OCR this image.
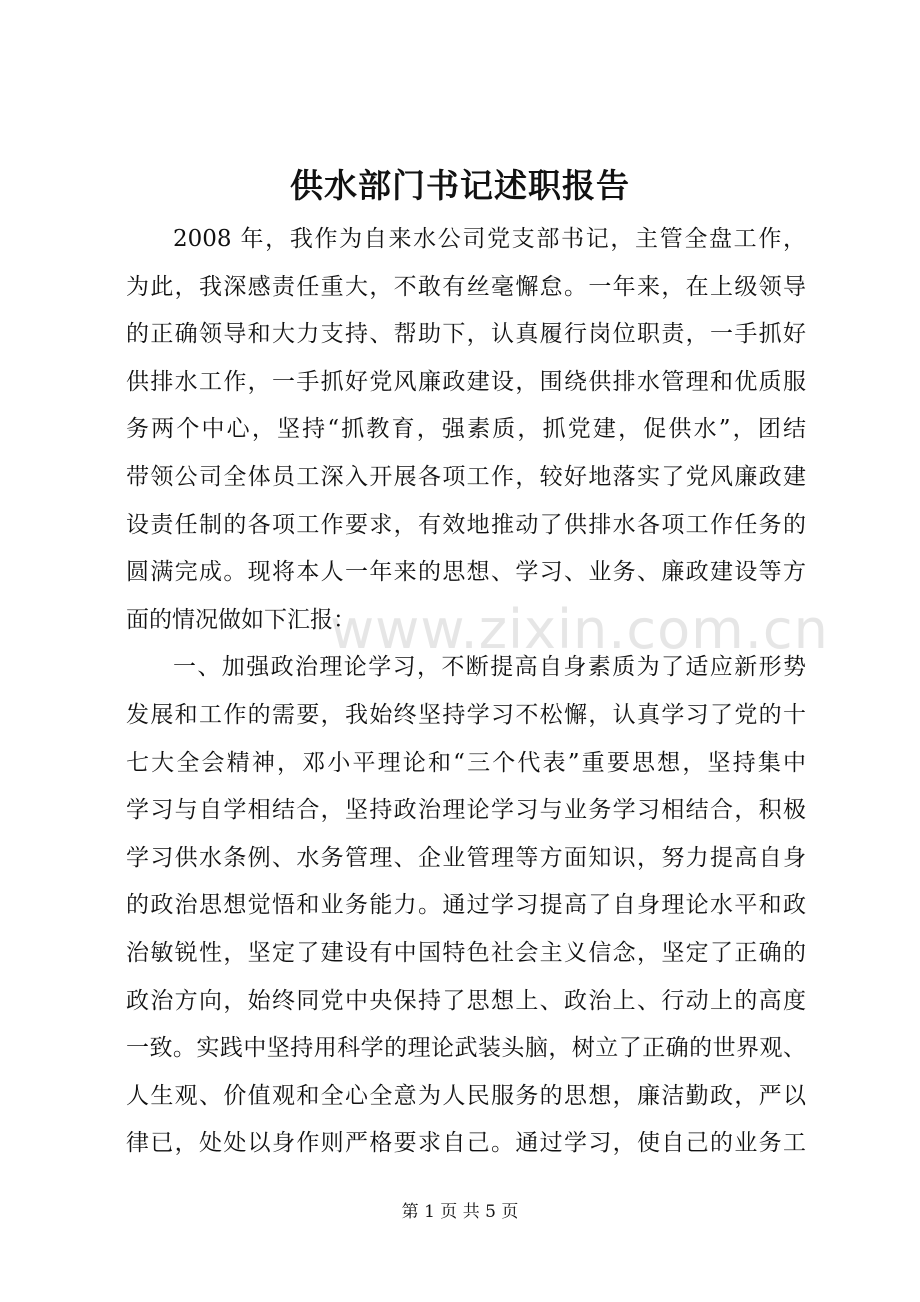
www.zixin.com.cn
供水部门书记述职报告
2008 年，我作为自来水公司党支部书记，主管全盘工作，
为此，我深感责任重大，不敢有丝毫懈怠。一年来，在上级领导
的正确领导和大力支持、帮助下，认真履行岗位职责，一手抓好
供排水工作，一手抓好党风廉政建设，围绕供排水管理和优质服
务两个中心，坚持“抓教育，强素质，抓党建，促供水”，团结
带领公司全体员工深入开展各项工作，较好地落实了党风廉政建
设责任制的各项工作要求，有效地推动了供排水各项工作任务的
圆满完成。现将本人一年来的思想、学习、业务、廉政建设等方
面的情况做如下汇报：
一、加强政治理论学习，不断提高自身素质为了适应新形势
发展和工作的需要，我始终坚持学习不松懈，认真学习了党的十
七大全会精神，邓小平理论和“三个代表”重要思想，坚持集中
学习与自学相结合，坚持政治理论学习与业务学习相结合，积极
学习供水条例、水务管理、企业管理等方面知识，努力提高自身
的政治思想觉悟和业务能力。通过学习提高了自身理论水平和政
治敏锐性，坚定了建设有中国特色社会主义信念，坚定了正确的
政治方向，始终同党中央保持了思想上、政治上、行动上的高度
一致。实践中坚持用科学的理论武装头脑，树立了正确的世界观、
人生观、价值观和全心全意为人民服务的思想，廉洁勤政，严以
律已，处处以身作则严格要求自己。通过学习，使自己的业务工
第 1 页 共 5 页
